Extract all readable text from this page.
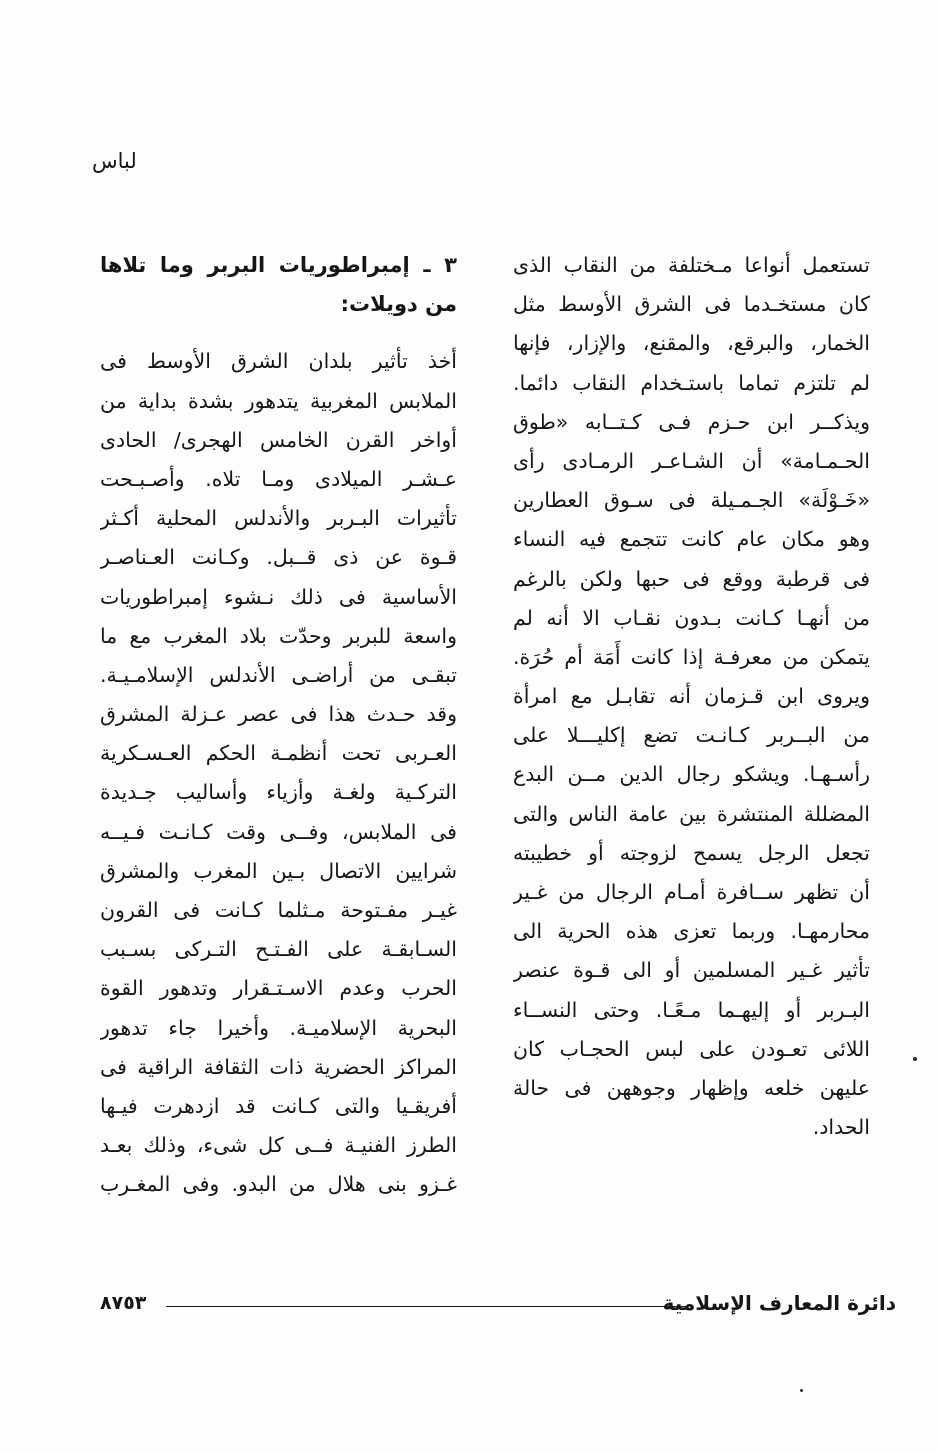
لباس
تستعمل أنواعا مـختلفة من النقاب الذى
كان مستخـدما فى الشرق الأوسط مثل
الخمار، والبرقع، والمقنع، والإزار، فإنها
لم تلتزم تماما باستـخدام النقاب دائما.
ويذكــر ابن حـزم فـى كـتــابه «طوق
الحـمـامة» أن الشـاعـر الرمـادى رأى
«خَـوْلَة» الجـمـيلة فى سـوق العطارين
وهو مكان عام كانت تتجمع فيه النساء
فى قرطبة ووقع فى حبها ولكن بالرغم
من أنهـا كـانت بـدون نقـاب الا أنه لم
يتمكن من معرفـة إذا كانت أَمَة أم حُرَة.
ويروى ابن قـزمان أنه تقابـل مع امرأة
من البــربر كـانـت تضع إكليـــلا على
رأسـهـا. ويشكو رجال الدين مــن البدع
المضللة المنتشرة بين عامة الناس والتى
تجعل الرجل يسمح لزوجته أو خطيبته
أن تظهر ســافرة أمـام الرجال من غـير
محارمهـا. وربما تعزى هذه الحرية الى
تأثير غـير المسلمين أو الى قـوة عنصر
البـربر أو إليهـما مـعًـا. وحتى النســاء
اللائى تعـودن على لبس الحجـاب كان
عليهن خلعه وإظهار وجوههن فى حالة
الحداد.
٣ ـ إمبراطوريات البربر وما تلاها
من دويلات:
أخذ تأثير بلدان الشرق الأوسط فى
الملابس المغربية يتدهور بشدة بداية من
أواخر القرن الخامس الهجرى/ الحادى
عـشـر الميلادى ومـا تلاه. وأصـبـحت
تأثيرات البـربر والأندلس المحلية أكـثر
قـوة عن ذى قــبل. وكـانت العـناصـر
الأساسية فى ذلك نـشوء إمبراطوريات
واسعة للبربر وحدّت بلاد المغرب مع ما
تبقـى من أراضـى الأندلس الإسلامـيـة.
وقد حـدث هذا فى عصر عـزلة المشرق
العـربى تحت أنظمـة الحكم العـسـكرية
التركـية ولغـة وأزياء وأساليب جـديدة
فى الملابس، وفــى وقت كـانـت فـيــه
شرايين الاتصال بـين المغرب والمشرق
غيـر مفـتوحة مـثلما كـانت فى القرون
السـابقـة على الفـتـح التـركى بسـبب
الحرب وعدم الاسـتـقرار وتدهور القوة
البحرية الإسلاميـة. وأخيرا جاء تدهور
المراكز الحضرية ذات الثقافة الراقية فى
أفريقـيا والتى كـانت قد ازدهرت فيـها
الطرز الفنيـة فــى كل شىء، وذلك بعـد
غـزو بنى هلال من البدو. وفى المغـرب
دائرة المعارف الإسلامية
٨٧٥٣
